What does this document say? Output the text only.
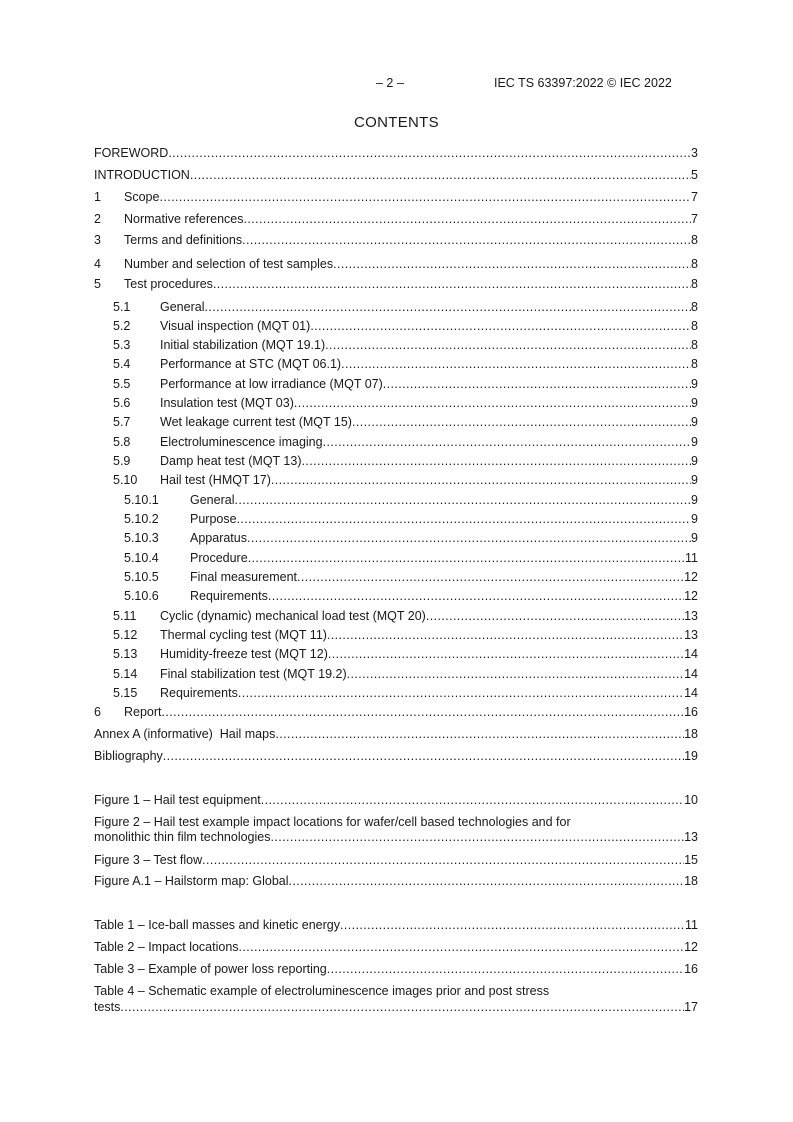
– 2 –	IEC TS 63397:2022 © IEC 2022
CONTENTS
FOREWORD .....	3
INTRODUCTION .....	5
1	Scope .....	7
2	Normative references .....	7
3	Terms and definitions .....	8
4	Number and selection of test samples .....	8
5	Test procedures .....	8
5.1	General .....	8
5.2	Visual inspection (MQT 01) .....	8
5.3	Initial stabilization (MQT 19.1) .....	8
5.4	Performance at STC (MQT 06.1) .....	8
5.5	Performance at low irradiance (MQT 07) .....	9
5.6	Insulation test (MQT 03) .....	9
5.7	Wet leakage current test (MQT 15) .....	9
5.8	Electroluminescence imaging .....	9
5.9	Damp heat test (MQT 13) .....	9
5.10	Hail test (HMQT 17) .....	9
5.10.1	General .....	9
5.10.2	Purpose .....	9
5.10.3	Apparatus .....	9
5.10.4	Procedure .....	11
5.10.5	Final measurement .....	12
5.10.6	Requirements .....	12
5.11	Cyclic (dynamic) mechanical load test (MQT 20) .....	13
5.12	Thermal cycling test (MQT 11) .....	13
5.13	Humidity-freeze test (MQT 12) .....	14
5.14	Final stabilization test (MQT 19.2) .....	14
5.15	Requirements .....	14
6	Report .....	16
Annex A (informative)  Hail maps .....	18
Bibliography .....	19
Figure 1 – Hail test equipment .....	10
Figure 2 – Hail test example impact locations for wafer/cell based technologies and for
monolithic thin film technologies .....	13
Figure 3 – Test flow .....	15
Figure A.1 – Hailstorm map: Global .....	18
Table 1 – Ice-ball masses and kinetic energy .....	11
Table 2 – Impact locations .....	12
Table 3 – Example of power loss reporting .....	16
Table 4 – Schematic example of electroluminescence images prior and post stress
tests .....	17
